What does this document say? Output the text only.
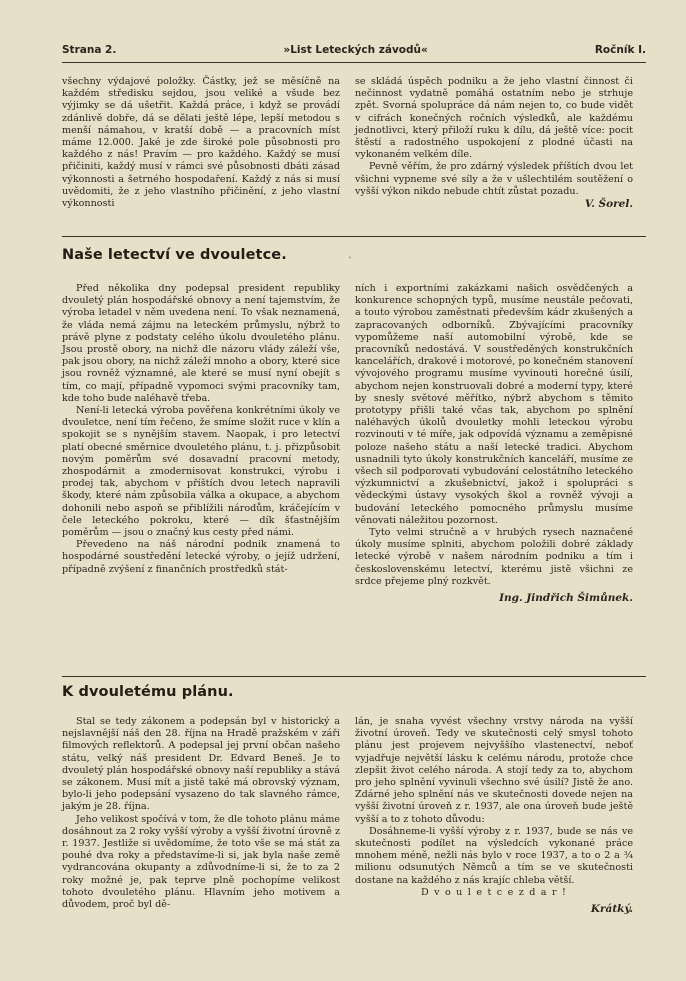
Strana 2.	»List Leteckých závodů«	Ročník I.

všechny výdajové položky. Částky, jež se měsíčně na každém středisku sejdou, jsou veliké a všude bez výjimky se dá ušetřit. Každá práce, i když se provádí zdánlivě dobře, dá se dělati ještě lépe, lepší metodou s menší námahou, v kratší době — a pracovních míst máme 12.000. Jaké je zde široké pole působnosti pro každého z nás! Pravím — pro každého. Každý se musí přičiniti, každý musí v rámci své působnosti dbáti zásad výkonnosti a šetrného hospodaření. Každý z nás si musí uvědomiti, že z jeho vlastního přičinění, z jeho vlastní výkonnosti

se skládá úspěch podniku a že jeho vlastní činnost či nečinnost vydatně pomáhá ostatním nebo je strhuje zpět. Svorná spolupráce dá nám nejen to, co bude vidět v cifrách konečných ročních výsledků, ale každému jednotlivci, který přiloží ruku k dílu, dá ještě více: pocit štěstí a radostného uspokojení z plodné účasti na vykonaném velkém díle.

Pevně věřím, že pro zdárný výsledek příštích dvou let všichni vypneme své síly a že v ušlechtilém soutěžení o vyšší výkon nikdo nebude chtít zůstat pozadu.

V. Šorel.

Naše letectví ve dvouletce.	`

Před několika dny podepsal president republiky dvouletý plán hospodářské obnovy a není tajemstvím, že výroba letadel v něm uvedena není. To však neznamená, že vláda nemá zájmu na leteckém průmyslu, nýbrž to právě plyne z podstaty celého úkolu dvouletého plánu. Jsou prostě obory, na nichž dle názoru vlády záleží vše, pak jsou obory, na nichž záleží mnoho a obory, které sice jsou rovněž významné, ale které se musí nyní obejít s tím, co mají, případně vypomoci svými pracovníky tam, kde toho bude naléhavě třeba.

Není-li letecká výroba pověřena konkrétními úkoly ve dvouletce, není tím řečeno, že smíme složit ruce v klín a spokojit se s nynějším stavem. Naopak, i pro letectví platí obecné směrnice dvouletého plánu, t. j. přizpůsobit novým poměrům své dosavadní pracovní metody, zhospodárnit a zmodernisovat konstrukci, výrobu i prodej tak, abychom v příštích dvou letech napravili škody, které nám způsobila válka a okupace, a abychom dohonili nebo aspoň se přiblížili národům, kráčejícím v čele leteckého pokroku, které — dík šťastnějším poměrům — jsou o značný kus cesty před námi.

Převedeno na náš národní podnik znamená to hospodárné soustředění letecké výroby, o jejíž udržení, případně zvýšení z finančních prostředků stát-

ních i exportními zakázkami našich osvědčených a konkurence schopných typů, musíme neustále pečovati, a touto výrobou zaměstnati především kádr zkušených a zapracovaných odborníků. Zbývajícími pracovníky vypomůžeme naší automobilní výrobě, kde se pracovníků nedostává. V soustředěných konstrukčních kancelářích, drakové i motorové, po konečném stanovení vývojového programu musíme vyvinouti horečné úsilí, abychom nejen konstruovali dobré a moderní typy, které by snesly světové měřítko, nýbrž abychom s těmito prototypy přišli také včas tak, abychom po splnění naléhavých úkolů dvouletky mohli leteckou výrobu rozvinouti v té míře, jak odpovídá významu a zeměpisné poloze našeho státu a naší letecké tradici. Abychom usnadnili tyto úkoly konstrukčních kanceláří, musíme ze všech sil podporovati vybudování celostátního leteckého výzkumnictví a zkušebnictví, jakož i spolupráci s vědeckými ústavy vysokých škol a rovněž vývoji a budování leteckého pomocného průmyslu musíme věnovati náležitou pozornost.

Tyto velmi stručně a v hrubých rysech naznačené úkoly musíme splniti, abychom položili dobré základy letecké výrobě v našem národním podniku a tím i československému letectví, kterému jistě všichni ze srdce přejeme plný rozkvět.

Ing. Jindřich Šimůnek.

K dvouletému plánu.

Stal se tedy zákonem a podepsán byl v historický a nejslavnější náš den 28. října na Hradě pražském v záři filmových reflektorů. A podepsal jej první občan našeho státu, velký náš president Dr. Edvard Beneš. Je to dvouletý plán hospodářské obnovy naší republiky a stává se zákonem. Musí mít a jistě také má obrovský význam, bylo-li jeho podepsání vysazeno do tak slavného rámce, jakým je 28. října.

Jeho velikost spočívá v tom, že dle tohoto plánu máme dosáhnout za 2 roky vyšší výroby a vyšší životní úrovně z r. 1937. Jestliže si uvědomíme, že toto vše se má stát za pouhé dva roky a představíme-li si, jak byla naše země vydrancována okupanty a zdůvodníme-li si, že to za 2 roky možné je, pak teprve plně pochopíme velikost tohoto dvouletého plánu. Hlavním jeho motivem a důvodem, proč byl dě-

lán, je snaha vyvést všechny vrstvy národa na vyšší životní úroveň. Tedy ve skutečnosti celý smysl tohoto plánu jest projevem nejvyššího vlastenectví, neboť vyjadřuje největší lásku k celému národu, protože chce zlepšit život celého národa. A stojí tedy za to, abychom pro jeho splnění vyvinuli všechno své úsilí? Jistě že ano. Zdárné jeho splnění nás ve skutečnosti dovede nejen na vyšší životní úroveň z r. 1937, ale ona úroveň bude ještě vyšší a to z tohoto důvodu:

Dosáhneme-li vyšší výroby z r. 1937, bude se nás ve skutečnosti podílet na výsledcích vykonané práce mnohem méně, nežli nás bylo v roce 1937, a to o 2 a ¾ milionu odsunutých Němců a tím se ve skutečnosti dostane na každého z nás krajíc chleba větší.

D v o u l e t c e z d a r !

Krátký.
